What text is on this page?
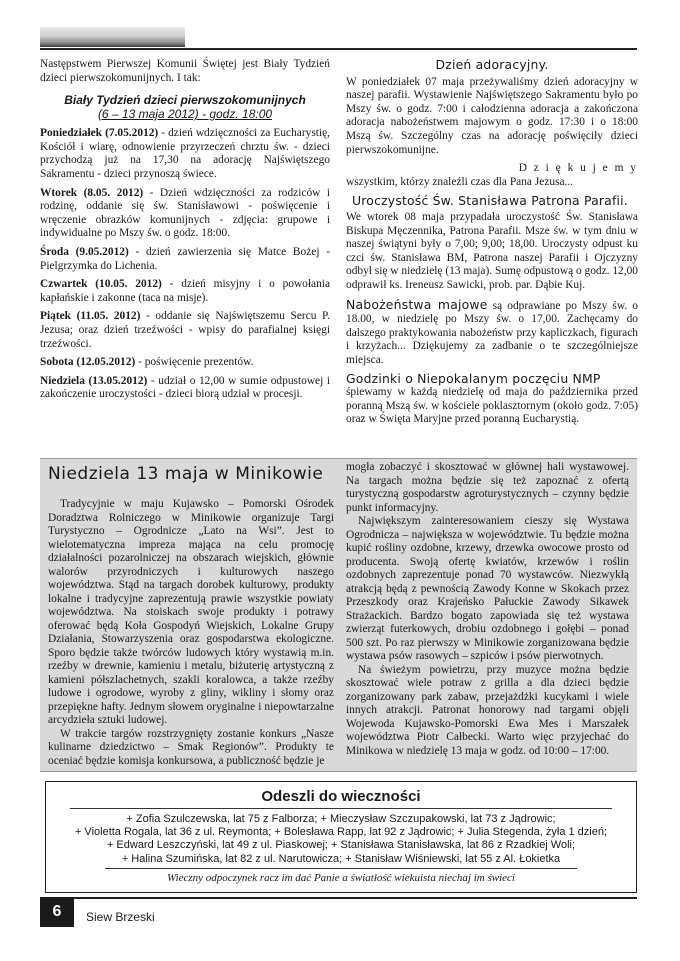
Następstwem Pierwszej Komunii Świętej jest Biały Tydzień dzieci pierwszokomunijnych. I tak:

Biały Tydzień dzieci pierwszokomunijnych
(6 – 13 maja 2012) - godz. 18:00

Poniedziałek (7.05.2012) - dzień wdzięczności za Eucharystię, Kościół i wiarę, odnowienie przyrzeczeń chrztu św. - dzieci przychodzą już na 17,30 na adorację Najświętszego Sakramentu - dzieci przynoszą świece.

Wtorek (8.05. 2012) - Dzień wdzięczności za rodziców i rodzinę, oddanie się św. Stanisławowi - poświęcenie i wręczenie obrazków komunijnych - zdjęcia: grupowe i indywidualne po Mszy św. o godz. 18:00.

Środa (9.05.2012) - dzień zawierzenia się Matce Bożej - Pielgrzymka do Lichenia.

Czwartek (10.05. 2012) - dzień misyjny i o powołania kapłańskie i zakonne (taca na misje).

Piątek (11.05. 2012) - oddanie się Najświętszemu Sercu P. Jezusa; oraz dzień trzeźwości - wpisy do parafialnej księgi trzeźwości.

Sobota (12.05.2012) - poświęcenie prezentów.

Niedziela (13.05.2012) - udział o 12,00 w sumie odpustowej i zakończenie uroczystości - dzieci biorą udział w procesji.

Dzień adoracyjny.

W poniedziałek 07 maja przeżywaliśmy dzień adoracyjny w naszej parafii. Wystawienie Najświętszego Sakramentu było po Mszy św. o godz. 7:00 i całodzienna adoracja a zakończona adoracja nabożeństwem majowym o godz. 17:30 i o 18:00 Mszą św. Szczególny czas na adorację poświęciły dzieci pierwszokomunijne.

D z i ę k u j e m y

wszystkim, którzy znaleźli czas dla Pana Jezusa...

Uroczystość Św. Stanisława Patrona Parafii.

We wtorek 08 maja przypadała uroczystość Św. Stanisława Biskupa Męczennika, Patrona Parafii. Msze św. w tym dniu w naszej świątyni były o 7,00; 9,00; 18,00. Uroczysty odpust ku czci św. Stanisława BM, Patrona naszej Parafii i Ojczyzny odbył się w niedzielę (13 maja). Sumę odpustową o godz. 12,00 odprawił ks. Ireneusz Sawicki, prob. par. Dąbie Kuj.

Nabożeństwa majowe są odprawiane po Mszy św. o 18.00, w niedzielę po Mszy św. o 17,00. Zachęcamy do dalszego praktykowania nabożeństw przy kapliczkach, figurach i krzyżach... Dziękujemy za zadbanie o te szczególniejsze miejsca.

Godzinki o Niepokalanym poczęciu NMP

śpiewamy w każdą niedzielę od maja do października przed poranną Mszą św. w kościele poklasztornym (około godz. 7:05) oraz w Święta Maryjne przed poranną Eucharystią.

Niedziela 13 maja w Minikowie

Tradycyjnie w maju Kujawsko – Pomorski Ośrodek Doradztwa Rolniczego w Minikowie organizuje Targi Turystyczno – Ogrodnicze „Lato na Wsi”. Jest to wielotematyczna impreza mająca na celu promocję działalności pozarolniczej na obszarach wiejskich, głównie walorów przyrodniczych i kulturowych naszego województwa. Stąd na targach dorobek kulturowy, produkty lokalne i tradycyjne zaprezentują prawie wszystkie powiaty województwa. Na stoiskach swoje produkty i potrawy oferować będą Koła Gospodyń Wiejskich, Lokalne Grupy Działania, Stowarzyszenia oraz gospodarstwa ekologiczne. Sporo będzie także twórców ludowych który wystawią m.in. rzeźby w drewnie, kamieniu i metalu, biżuterię artystyczną z kamieni półszlachetnych, szakli koralowca, a także rzeźby ludowe i ogrodowe, wyroby z gliny, wikliny i słomy oraz przepiękne hafty. Jednym słowem oryginalne i niepowtarzalne arcydzieła sztuki ludowej.

W trakcie targów rozstrzygnięty zostanie konkurs „Nasze kulinarne dziedzictwo – Smak Regionów”. Produkty te oceniać będzie komisja konkursowa, a publiczność będzie je

mogła zobaczyć i skosztować w głównej hali wystawowej. Na targach można będzie się też zapoznać z ofertą turystyczną gospodarstw agroturystycznych – czynny będzie punkt informacyjny.

Największym zainteresowaniem cieszy się Wystawa Ogrodnicza – największa w województwie. Tu będzie można kupić rośliny ozdobne, krzewy, drzewka owocowe prosto od producenta. Swoją ofertę kwiatów, krzewów i roślin ozdobnych zaprezentuje ponad 70 wystawców. Niezwykłą atrakcją będą z pewnością Zawody Konne w Skokach przez Przeszkody oraz Krajeńsko Pałuckie Zawody Sikawek Strażackich. Bardzo bogato zapowiada się też wystawa zwierząt futerkowych, drobiu ozdobnego i gołębi – ponad 500 szt. Po raz pierwszy w Minikowie zorganizowana będzie wystawa psów rasowych – szpiców i psów pierwotnych.

Na świeżym powietrzu, przy muzyce można będzie skosztować wiele potraw z grilla a dla dzieci będzie zorganizowany park zabaw, przejażdżki kucykami i wiele innych atrakcji. Patronat honorowy nad targami objęli Wojewoda Kujawsko-Pomorski Ewa Mes i Marszałek województwa Piotr Całbecki. Warto więc przyjechać do Minikowa w niedzielę 13 maja w godz. od 10:00 – 17:00.

Odeszli do wieczności
+ Zofia Szulczewska, lat 75 z Falborza; + Mieczysław Szczupakowski, lat 73 z Jądrowic;
+ Violetta Rogala, lat 36 z ul. Reymonta; + Bolesława Rapp, lat 92 z Jądrowic; + Julia Stegenda, żyła 1 dzień;
+ Edward Leszczyński, lat 49 z ul. Piaskowej; + Stanisława Stanisławska, lat 86 z Rzadkiej Woli;
+ Halina Szumińska, lat 82 z ul. Narutowicza; + Stanisław Wiśniewski, lat 55 z Al. Łokietka
Wieczny odpoczynek racz im dać Panie a światłość wiekuista niechaj im świeci
6	Siew Brzeski
